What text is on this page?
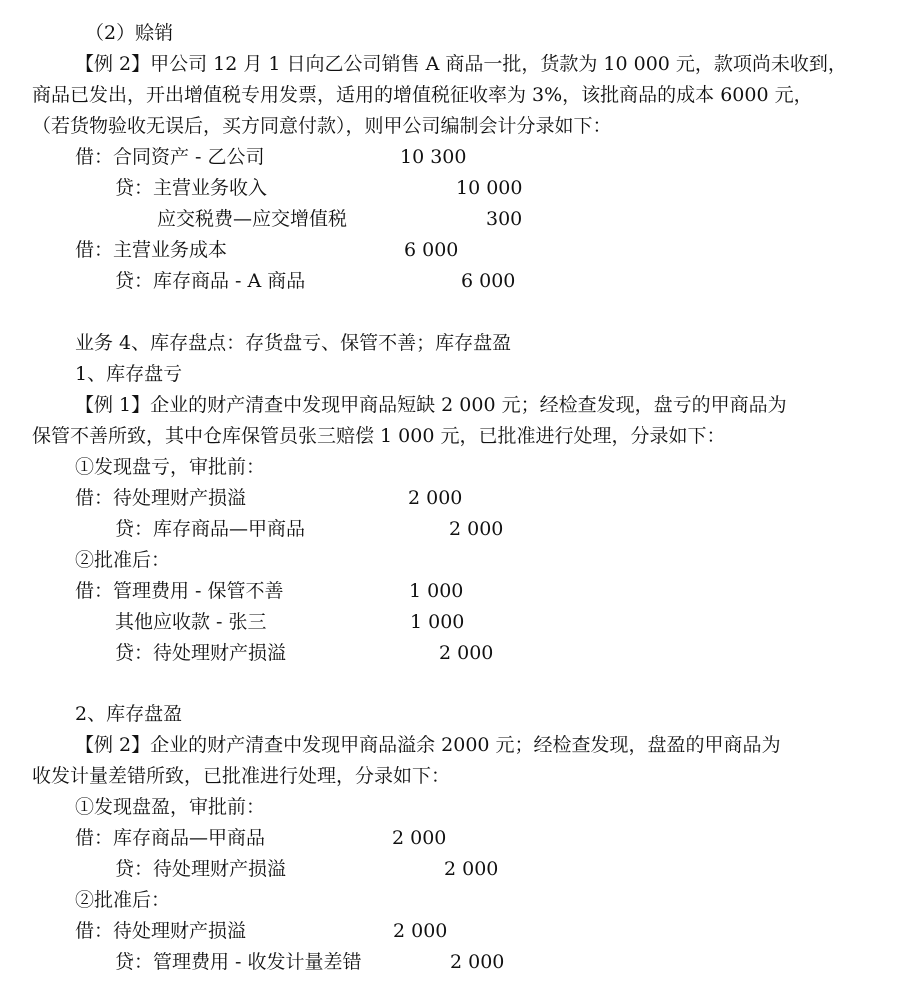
（2）赊销
【例 2】甲公司 12 月 1 日向乙公司销售 A 商品一批，货款为 10 000 元，款项尚未收到，
商品已发出，开出增值税专用发票，适用的增值税征收率为 3%，该批商品的成本 6000 元，
（若货物验收无误后，买方同意付款），则甲公司编制会计分录如下：
借：合同资产 - 乙公司	10 300
贷：主营业务收入	10 000
应交税费—应交增值税	300
借：主营业务成本	6 000
贷：库存商品 - A 商品	6 000
业务 4、库存盘点：存货盘亏、保管不善；库存盘盈
1、库存盘亏
【例 1】企业的财产清查中发现甲商品短缺 2 000 元；经检查发现，盘亏的甲商品为
保管不善所致，其中仓库保管员张三赔偿 1 000 元，已批准进行处理，分录如下：
①发现盘亏，审批前：
借：待处理财产损溢	2 000
贷：库存商品—甲商品	2 000
②批准后：
借：管理费用 - 保管不善	1 000
其他应收款 - 张三	1 000
贷：待处理财产损溢	2 000
2、库存盘盈
【例 2】企业的财产清查中发现甲商品溢余 2000 元；经检查发现，盘盈的甲商品为
收发计量差错所致，已批准进行处理，分录如下：
①发现盘盈，审批前：
借：库存商品—甲商品	2 000
贷：待处理财产损溢	2 000
②批准后：
借：待处理财产损溢	2 000
贷：管理费用 - 收发计量差错	2 000
